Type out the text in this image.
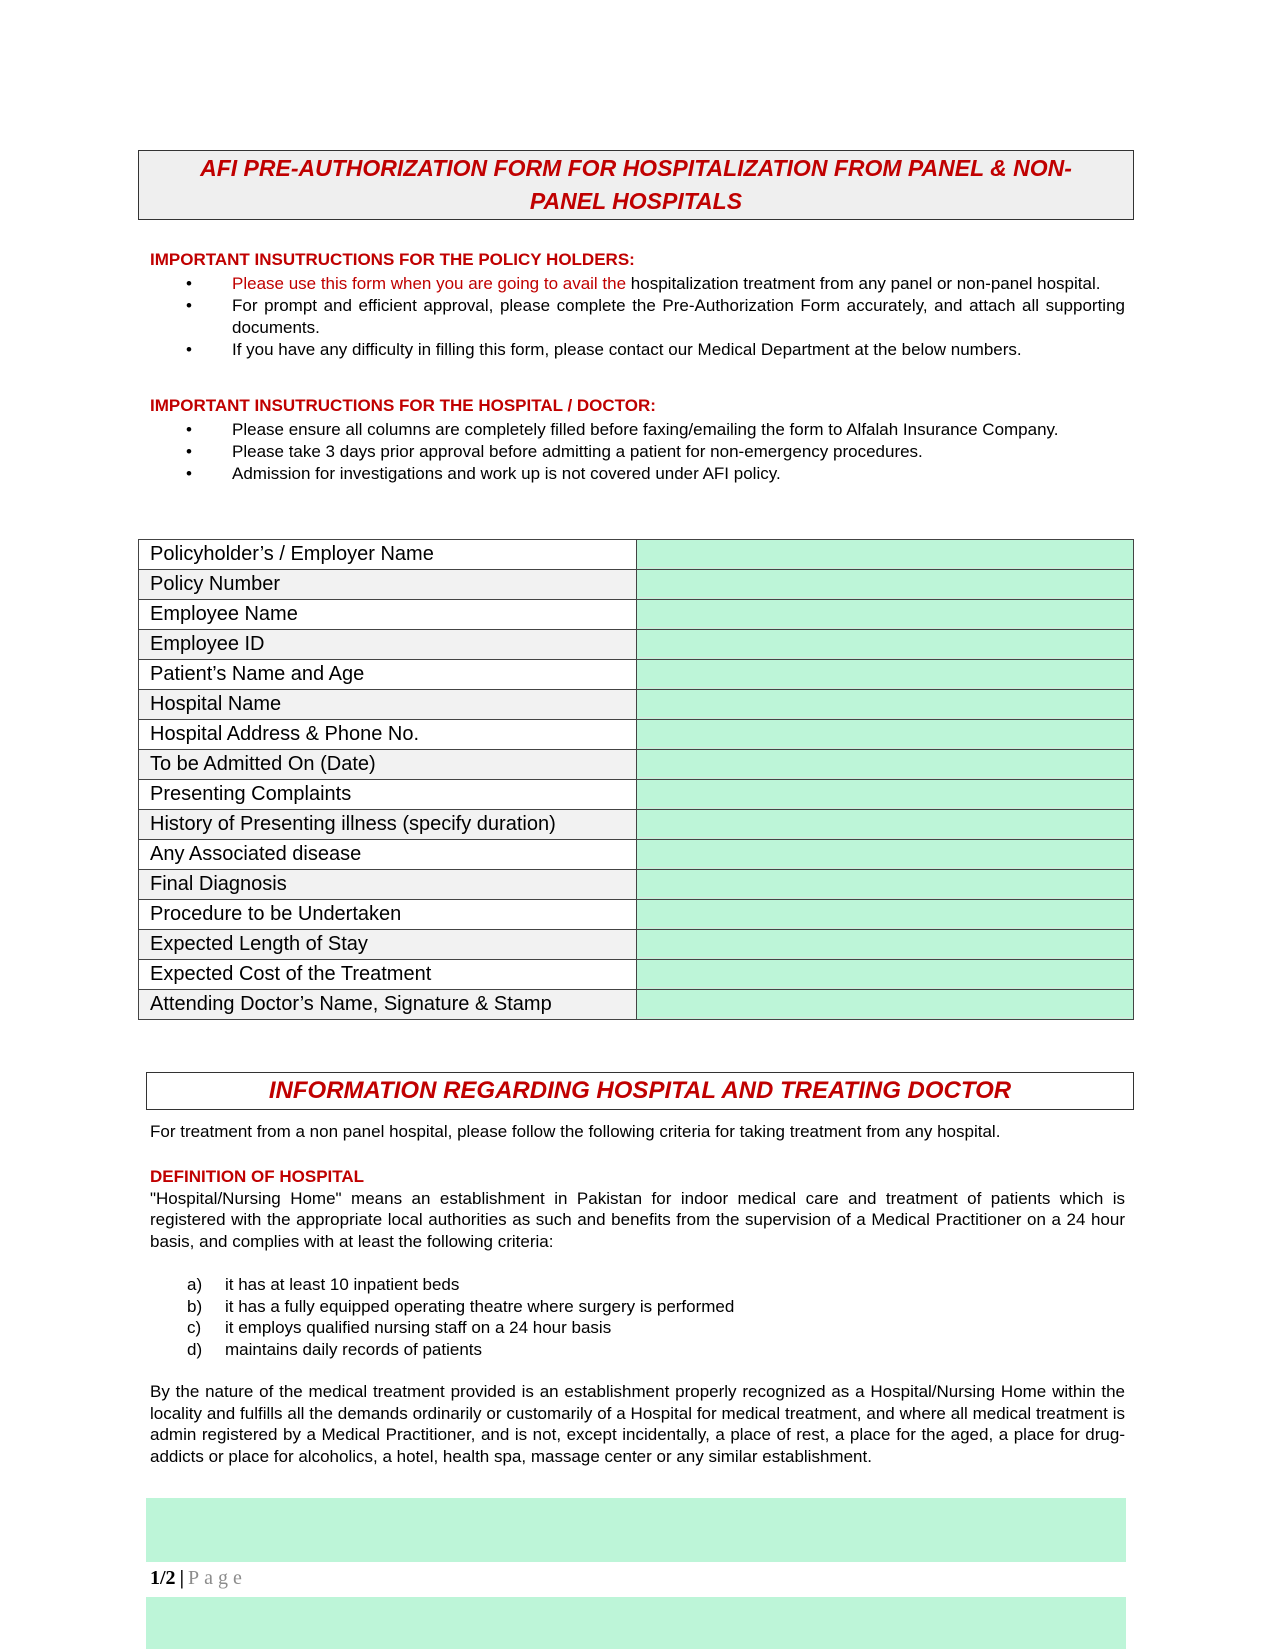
AFI PRE-AUTHORIZATION FORM FOR HOSPITALIZATION FROM PANEL & NON-PANEL HOSPITALS
IMPORTANT INSUTRUCTIONS FOR THE POLICY HOLDERS:
• Please use this form when you are going to avail the hospitalization treatment from any panel or non-panel hospital.
• For prompt and efficient approval, please complete the Pre-Authorization Form accurately, and attach all supporting documents.
• If you have any difficulty in filling this form, please contact our Medical Department at the below numbers.
IMPORTANT INSUTRUCTIONS FOR THE HOSPITAL / DOCTOR:
• Please ensure all columns are completely filled before faxing/emailing the form to Alfalah Insurance Company.
• Please take 3 days prior approval before admitting a patient for non-emergency procedures.
• Admission for investigations and work up is not covered under AFI policy.
Policyholder’s / Employer Name	

Policy Number	

Employee Name	

Employee ID	

Patient’s Name and Age	

Hospital Name	

Hospital Address & Phone No.	

To be Admitted On (Date)	

Presenting Complaints	

History of Presenting illness (specify duration)	

Any Associated disease	

Final Diagnosis	

Procedure to be Undertaken	

Expected Length of Stay	

Expected Cost of the Treatment	

Attending Doctor’s Name, Signature & Stamp	
INFORMATION REGARDING HOSPITAL AND TREATING DOCTOR
For treatment from a non panel hospital, please follow the following criteria for taking treatment from any hospital.
DEFINITION OF HOSPITAL
"Hospital/Nursing Home" means an establishment in Pakistan for indoor medical care and treatment of patients which is registered with the appropriate local authorities as such and benefits from the supervision of a Medical Practitioner on a 24 hour basis, and complies with at least the following criteria:
a) it has at least 10 inpatient beds
b) it has a fully equipped operating theatre where surgery is performed
c) it employs qualified nursing staff on a 24 hour basis
d) maintains daily records of patients
By the nature of the medical treatment provided is an establishment properly recognized as a Hospital/Nursing Home within the locality and fulfills all the demands ordinarily or customarily of a Hospital for medical treatment, and where all medical treatment is admin registered by a Medical Practitioner, and is not, except incidentally, a place of rest, a place for the aged, a place for drug-addicts or place for alcoholics, a hotel, health spa, massage center or any similar establishment.
1/2 | Page
